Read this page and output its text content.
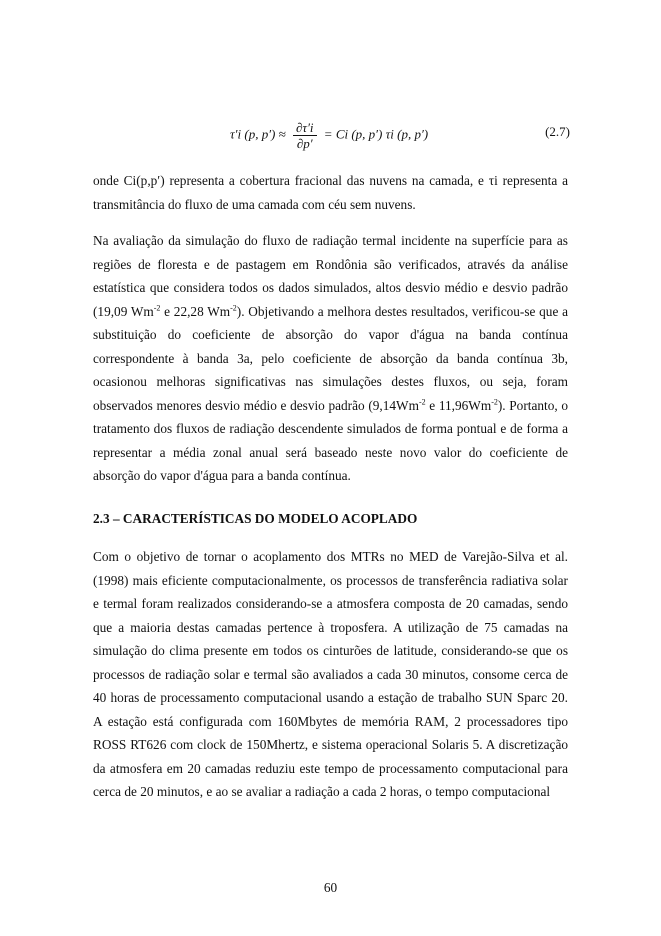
τ′i (p, $p') \approx \frac{\partial\tau'i}{\partial p'} = Ci$ (p, p′) τi (p, p′)	(2.7)

onde Ci(p,p′) representa a cobertura fracional das nuvens na camada, e τi representa a transmitância do fluxo de uma camada com céu sem nuvens.

Na avaliação da simulação do fluxo de radiação termal incidente na superfície para as regiões de floresta e de pastagem em Rondônia são verificados, através da análise estatística que considera todos os dados simulados, altos desvio médio e desvio padrão (19,09 $Wm^{-2}$ e 22,28 $Wm^{-2}$). Objetivando a melhora destes resultados, verificou-se que a substituição do coeficiente de absorção do vapor d'água na banda contínua correspondente à banda 3a, pelo coeficiente de absorção da banda contínua 3b, ocasionou melhoras significativas nas simulações destes fluxos, ou seja, foram observados menores desvio médio e desvio padrão ($9,14Wm^{-2}$ e $11,96Wm^{-2}$). Portanto, o tratamento dos fluxos de radiação descendente simulados de forma pontual e de forma a representar a média zonal anual será baseado neste novo valor do coeficiente de absorção do vapor d'água para a banda contínua.

2.3 – CARACTERÍSTICAS DO MODELO ACOPLADO

Com o objetivo de tornar o acoplamento dos MTRs no MED de Varejão-Silva et al. (1998) mais eficiente computacionalmente, os processos de transferência radiativa solar e termal foram realizados considerando-se a atmosfera composta de 20 camadas, sendo que a maioria destas camadas pertence à troposfera. A utilização de 75 camadas na simulação do clima presente em todos os cinturões de latitude, considerando-se que os processos de radiação solar e termal são avaliados a cada 30 minutos, consome cerca de 40 horas de processamento computacional usando a estação de trabalho SUN Sparc 20. A estação está configurada com 160Mbytes de memória RAM, 2 processadores tipo ROSS RT626 com clock de 150Mhertz, e sistema operacional Solaris 5. A discretização da atmosfera em 20 camadas reduziu este tempo de processamento computacional para cerca de 20 minutos, e ao se avaliar a radiação a cada 2 horas, o tempo computacional

60
